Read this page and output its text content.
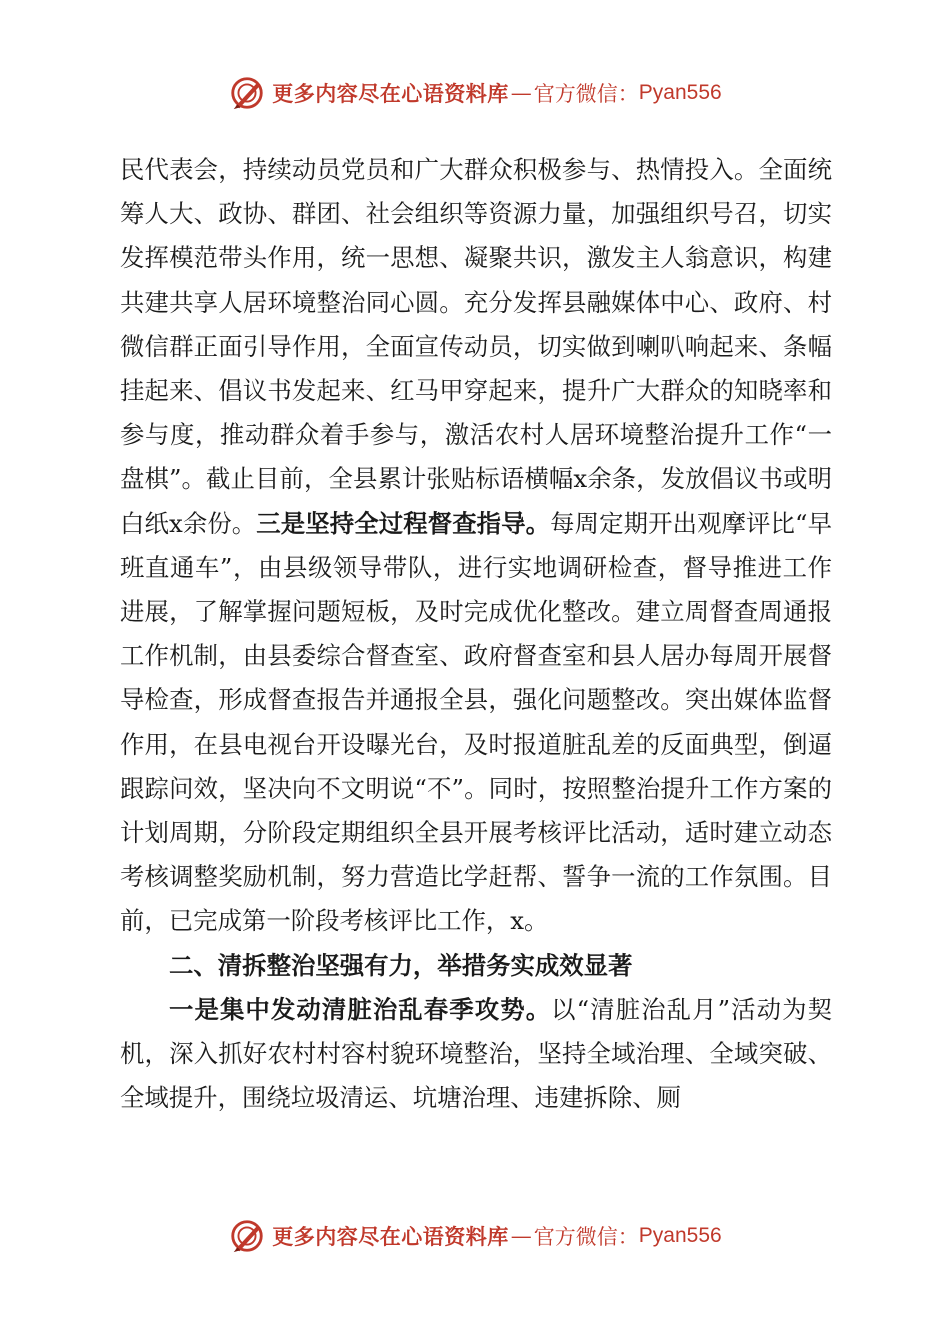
更多内容尽在心语资料库 — 官方微信： Pyan556

民代表会，持续动员党员和广大群众积极参与、热情投入。全面统筹人大、政协、群团、社会组织等资源力量，加强组织号召，切实发挥模范带头作用，统一思想、凝聚共识，激发主人翁意识，构建共建共享人居环境整治同心圆。充分发挥县融媒体中心、政府、村微信群正面引导作用，全面宣传动员，切实做到喇叭响起来、条幅挂起来、倡议书发起来、红马甲穿起来，提升广大群众的知晓率和参与度，推动群众着手参与，激活农村人居环境整治提升工作“一盘棋”。截止目前，全县累计张贴标语横幅x余条，发放倡议书或明白纸x余份。三是坚持全过程督查指导。每周定期开出观摩评比“早班直通车”，由县级领导带队，进行实地调研检查，督导推进工作进展，了解掌握问题短板，及时完成优化整改。建立周督查周通报工作机制，由县委综合督查室、政府督查室和县人居办每周开展督导检查，形成督查报告并通报全县，强化问题整改。突出媒体监督作用，在县电视台开设曝光台，及时报道脏乱差的反面典型，倒逼跟踪问效，坚决向不文明说“不”。同时，按照整治提升工作方案的计划周期，分阶段定期组织全县开展考核评比活动，适时建立动态考核调整奖励机制，努力营造比学赶帮、誓争一流的工作氛围。目前，已完成第一阶段考核评比工作，x。

二、清拆整治坚强有力，举措务实成效显著

一是集中发动清脏治乱春季攻势。以“清脏治乱月”活动为契机，深入抓好农村村容村貌环境整治，坚持全域治理、全域突破、全域提升，围绕垃圾清运、坑塘治理、违建拆除、厕

更多内容尽在心语资料库 — 官方微信： Pyan556
